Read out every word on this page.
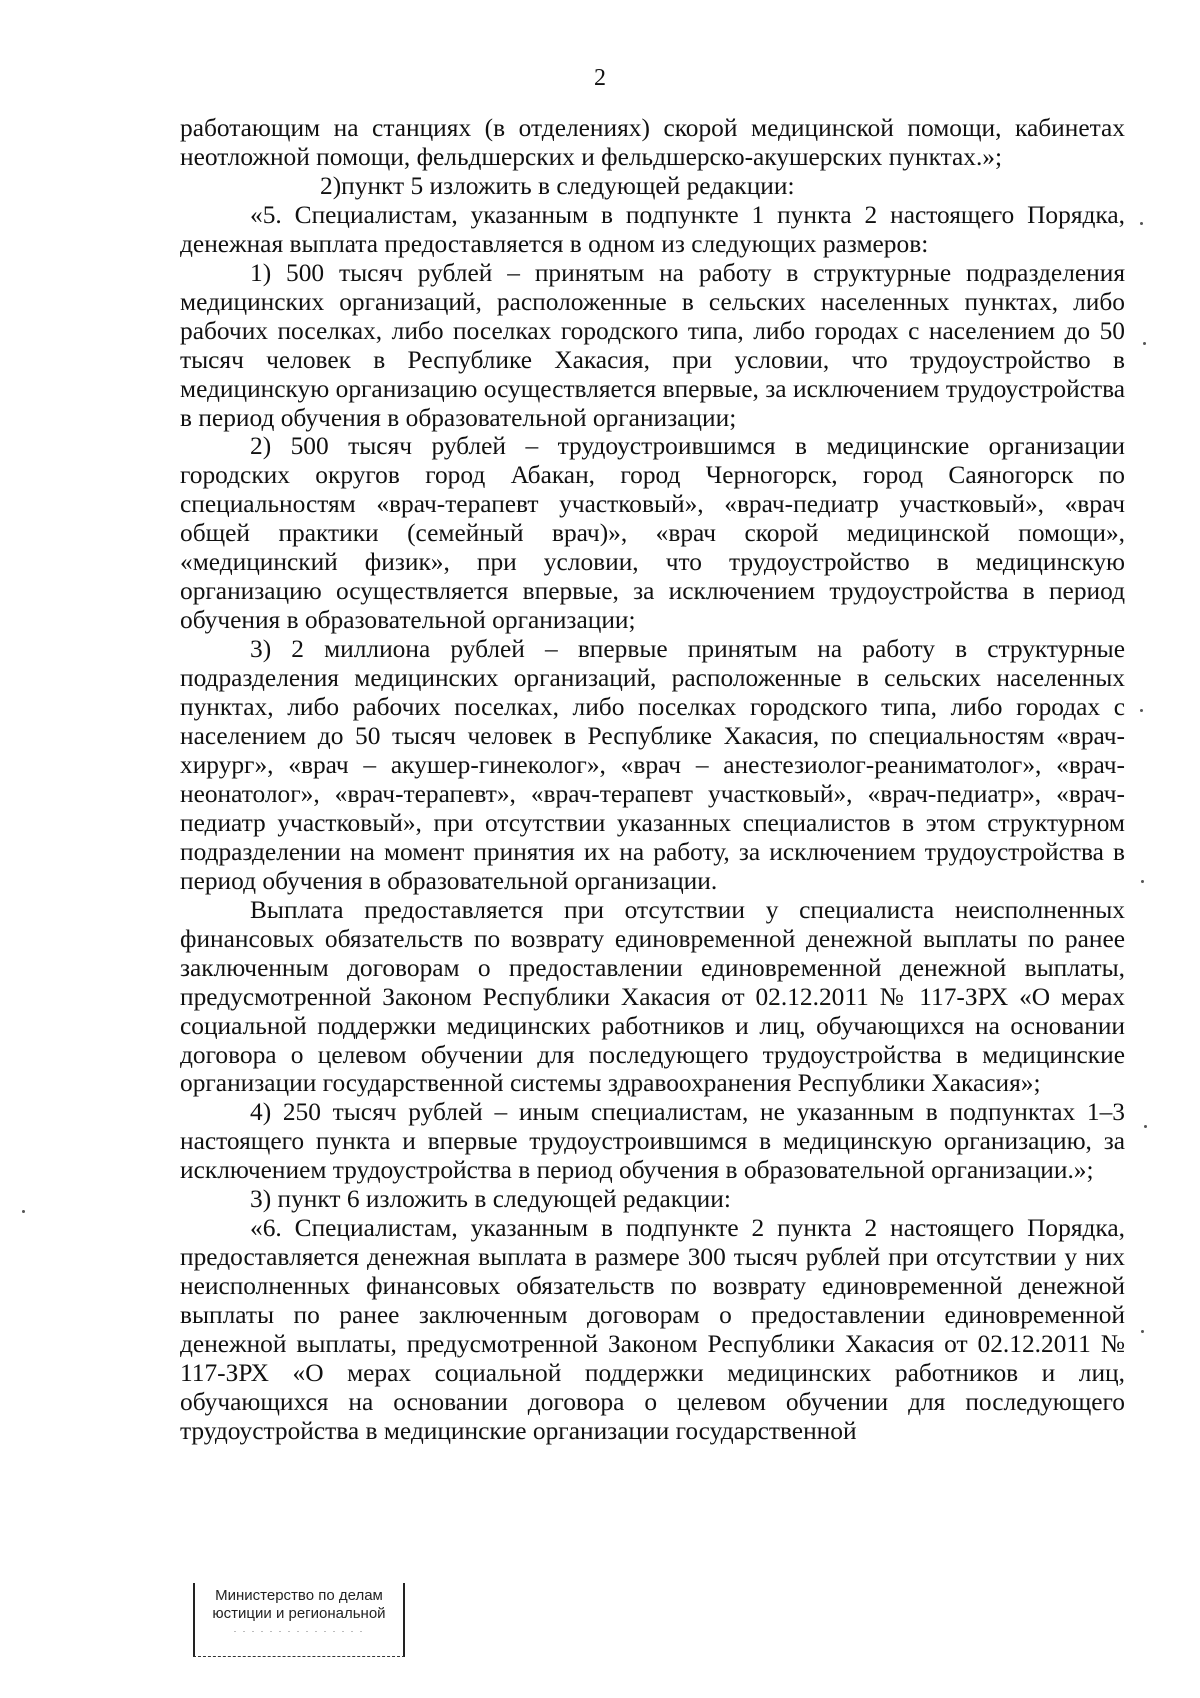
2

работающим на станциях (в отделениях) скорой медицинской помощи, кабинетах неотложной помощи, фельдшерских и фельдшерско-акушерских пунктах.»;

2)пункт 5 изложить в следующей редакции:

«5. Специалистам, указанным в подпункте 1 пункта 2 настоящего Порядка, денежная выплата предоставляется в одном из следующих размеров:

1) 500 тысяч рублей – принятым на работу в структурные подразделения медицинских организаций, расположенные в сельских населенных пунктах, либо рабочих поселках, либо поселках городского типа, либо городах с населением до 50 тысяч человек в Республике Хакасия, при условии, что трудоустройство в медицинскую организацию осуществляется впервые, за исключением трудоустройства в период обучения в образовательной организации;

2) 500 тысяч рублей – трудоустроившимся в медицинские организации городских округов город Абакан, город Черногорск, город Саяногорск по специальностям «врач-терапевт участковый», «врач-педиатр участковый», «врач общей практики (семейный врач)», «врач скорой медицинской помощи», «медицинский физик», при условии, что трудоустройство в медицинскую организацию осуществляется впервые, за исключением трудоустройства в период обучения в образовательной организации;

3) 2 миллиона рублей – впервые принятым на работу в структурные подразделения медицинских организаций, расположенные в сельских населенных пунктах, либо рабочих поселках, либо поселках городского типа, либо городах с населением до 50 тысяч человек в Республике Хакасия, по специальностям «врач-хирург», «врач – акушер-гинеколог», «врач – анестезиолог-реаниматолог», «врач-неонатолог», «врач-терапевт», «врач-терапевт участковый», «врач-педиатр», «врач-педиатр участковый», при отсутствии указанных специалистов в этом структурном подразделении на момент принятия их на работу, за исключением трудоустройства в период обучения в образовательной организации.

Выплата предоставляется при отсутствии у специалиста неисполненных финансовых обязательств по возврату единовременной денежной выплаты по ранее заключенным договорам о предоставлении единовременной денежной выплаты, предусмотренной Законом Республики Хакасия от 02.12.2011 № 117-ЗРХ «О мерах социальной поддержки медицинских работников и лиц, обучающихся на основании договора о целевом обучении для последующего трудоустройства в медицинские организации государственной системы здравоохранения Республики Хакасия»;

4) 250 тысяч рублей – иным специалистам, не указанным в подпунктах 1–3 настоящего пункта и впервые трудоустроившимся в медицинскую организацию, за исключением трудоустройства в период обучения в образовательной организации.»;

3) пункт 6 изложить в следующей редакции:

«6. Специалистам, указанным в подпункте 2 пункта 2 настоящего Порядка, предоставляется денежная выплата в размере 300 тысяч рублей при отсутствии у них неисполненных финансовых обязательств по возврату единовременной денежной выплаты по ранее заключенным договорам о предоставлении единовременной денежной выплаты, предусмотренной Законом Республики Хакасия от 02.12.2011 № 117-ЗРХ «О мерах социальной поддержки медицинских работников и лиц, обучающихся на основании договора о целевом обучении для последующего трудоустройства в медицинские организации государственной

Министерство по делам
юстиции и региональной
. . . . . . . . . . . . . . .
